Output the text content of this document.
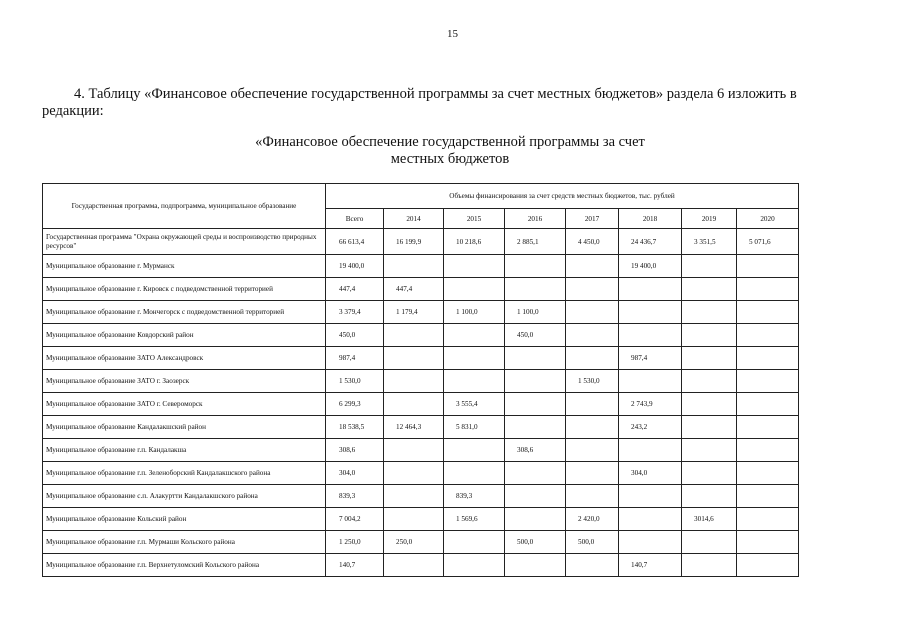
15
4. Таблицу «Финансовое обеспечение государственной программы за счет местных бюджетов» раздела 6 изложить в редакции:
«Финансовое обеспечение государственной программы за счет
местных бюджетов
Государственная программа, подпрограмма, муниципальное образование	Объемы финансирования за счет средств местных бюджетов, тыс. рублей							
	Всего	2014	2015	2016	2017	2018	2019	2020
Государственная программа "Охрана окружающей среды и воспроизводство природных ресурсов"	66 613,4	16 199,9	10 218,6	2 885,1	4 450,0	24 436,7	3 351,5	5 071,6
Муниципальное образование г. Мурманск	19 400,0					19 400,0		
Муниципальное образование г. Кировск с подведомственной территорией	447,4	447,4						
Муниципальное образование г. Мончегорск с подведомственной территорией	3 379,4	1 179,4	1 100,0	1 100,0				
Муниципальное образование Ковдорский район	450,0			450,0				
Муниципальное образование ЗАТО Александровск	987,4					987,4		
Муниципальное образование ЗАТО г. Заозерск	1 530,0				1 530,0			
Муниципальное образование ЗАТО г. Североморск	6 299,3		3 555,4			2 743,9		
Муниципальное образование Кандалакшский район	18 538,5	12 464,3	5 831,0			243,2		
Муниципальное образование г.п. Кандалакша	308,6			308,6				
Муниципальное образование г.п. Зеленоборский Кандалакшского района	304,0					304,0		
Муниципальное образование с.п. Алакуртти Кандалакшского района	839,3		839,3					
Муниципальное образование Кольский район	7 004,2		1 569,6		2 420,0		3014,6	
Муниципальное образование г.п. Мурмаши Кольского района	1 250,0	250,0		500,0	500,0			
Муниципальное образование г.п. Верхнетуломский Кольского района	140,7					140,7		
